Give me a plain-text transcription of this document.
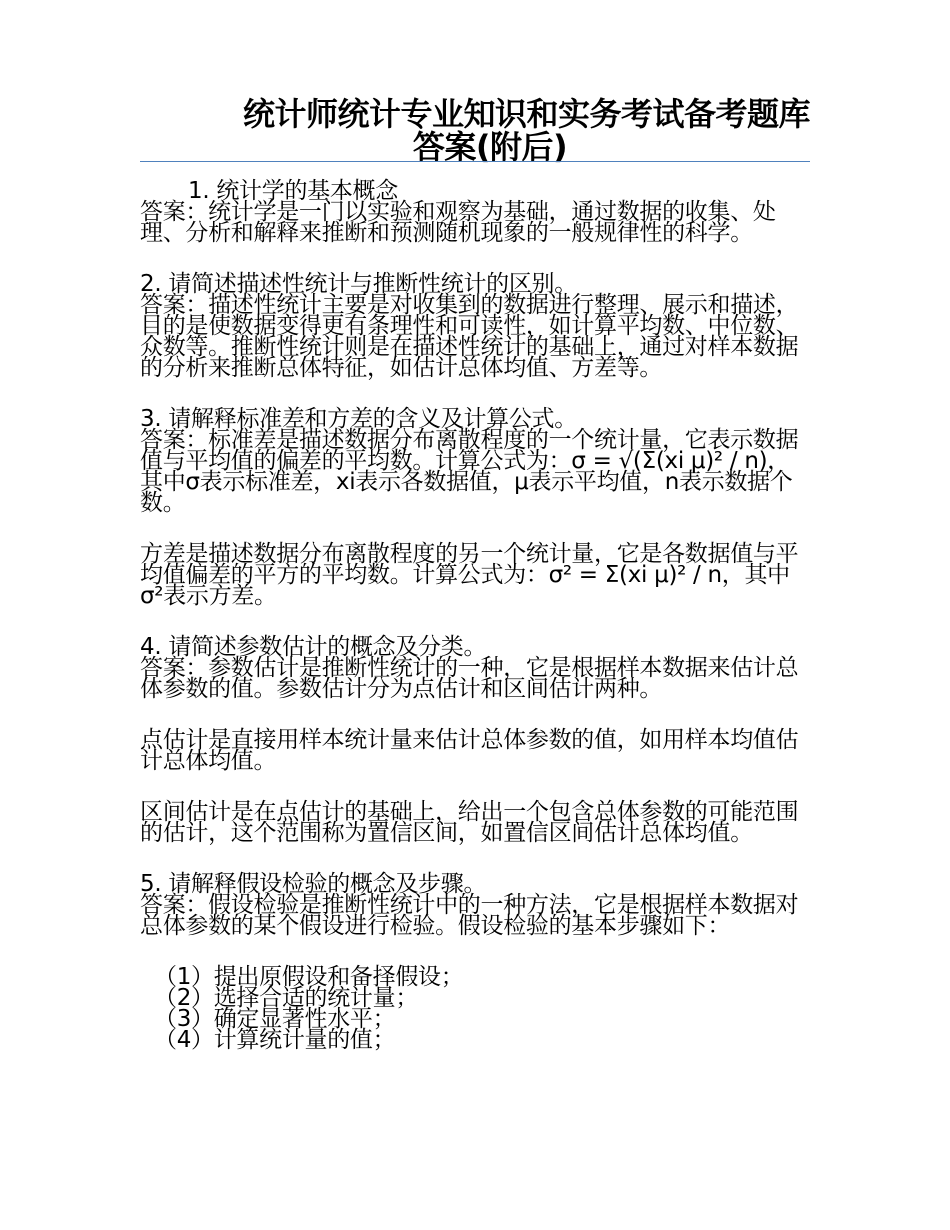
统计师统计专业知识和实务考试备考题库
答案(附后)

1. 统计学的基本概念

答案：统计学是一门以实验和观察为基础，通过数据的收集、处理、分析和解释来推断和预测随机现象的一般规律性的科学。

2. 请简述描述性统计与推断性统计的区别。

答案：描述性统计主要是对收集到的数据进行整理、展示和描述，目的是使数据变得更有条理性和可读性，如计算平均数、中位数、众数等。推断性统计则是在描述性统计的基础上，通过对样本数据的分析来推断总体特征，如估计总体均值、方差等。

3. 请解释标准差和方差的含义及计算公式。

答案：标准差是描述数据分布离散程度的一个统计量，它表示数据值与平均值的偏差的平均数。计算公式为：σ = √(Σ(xi μ)² / n)，其中σ表示标准差，xi表示各数据值，μ表示平均值，n表示数据个数。

方差是描述数据分布离散程度的另一个统计量，它是各数据值与平均值偏差的平方的平均数。计算公式为：σ² = Σ(xi μ)² / n，其中σ²表示方差。

4. 请简述参数估计的概念及分类。

答案：参数估计是推断性统计的一种，它是根据样本数据来估计总体参数的值。参数估计分为点估计和区间估计两种。

点估计是直接用样本统计量来估计总体参数的值，如用样本均值估计总体均值。

区间估计是在点估计的基础上，给出一个包含总体参数的可能范围的估计，这个范围称为置信区间，如置信区间估计总体均值。

5. 请解释假设检验的概念及步骤。

答案：假设检验是推断性统计中的一种方法，它是根据样本数据对总体参数的某个假设进行检验。假设检验的基本步骤如下：

（1）提出原假设和备择假设；

（2）选择合适的统计量；

（3）确定显著性水平；

（4）计算统计量的值；
